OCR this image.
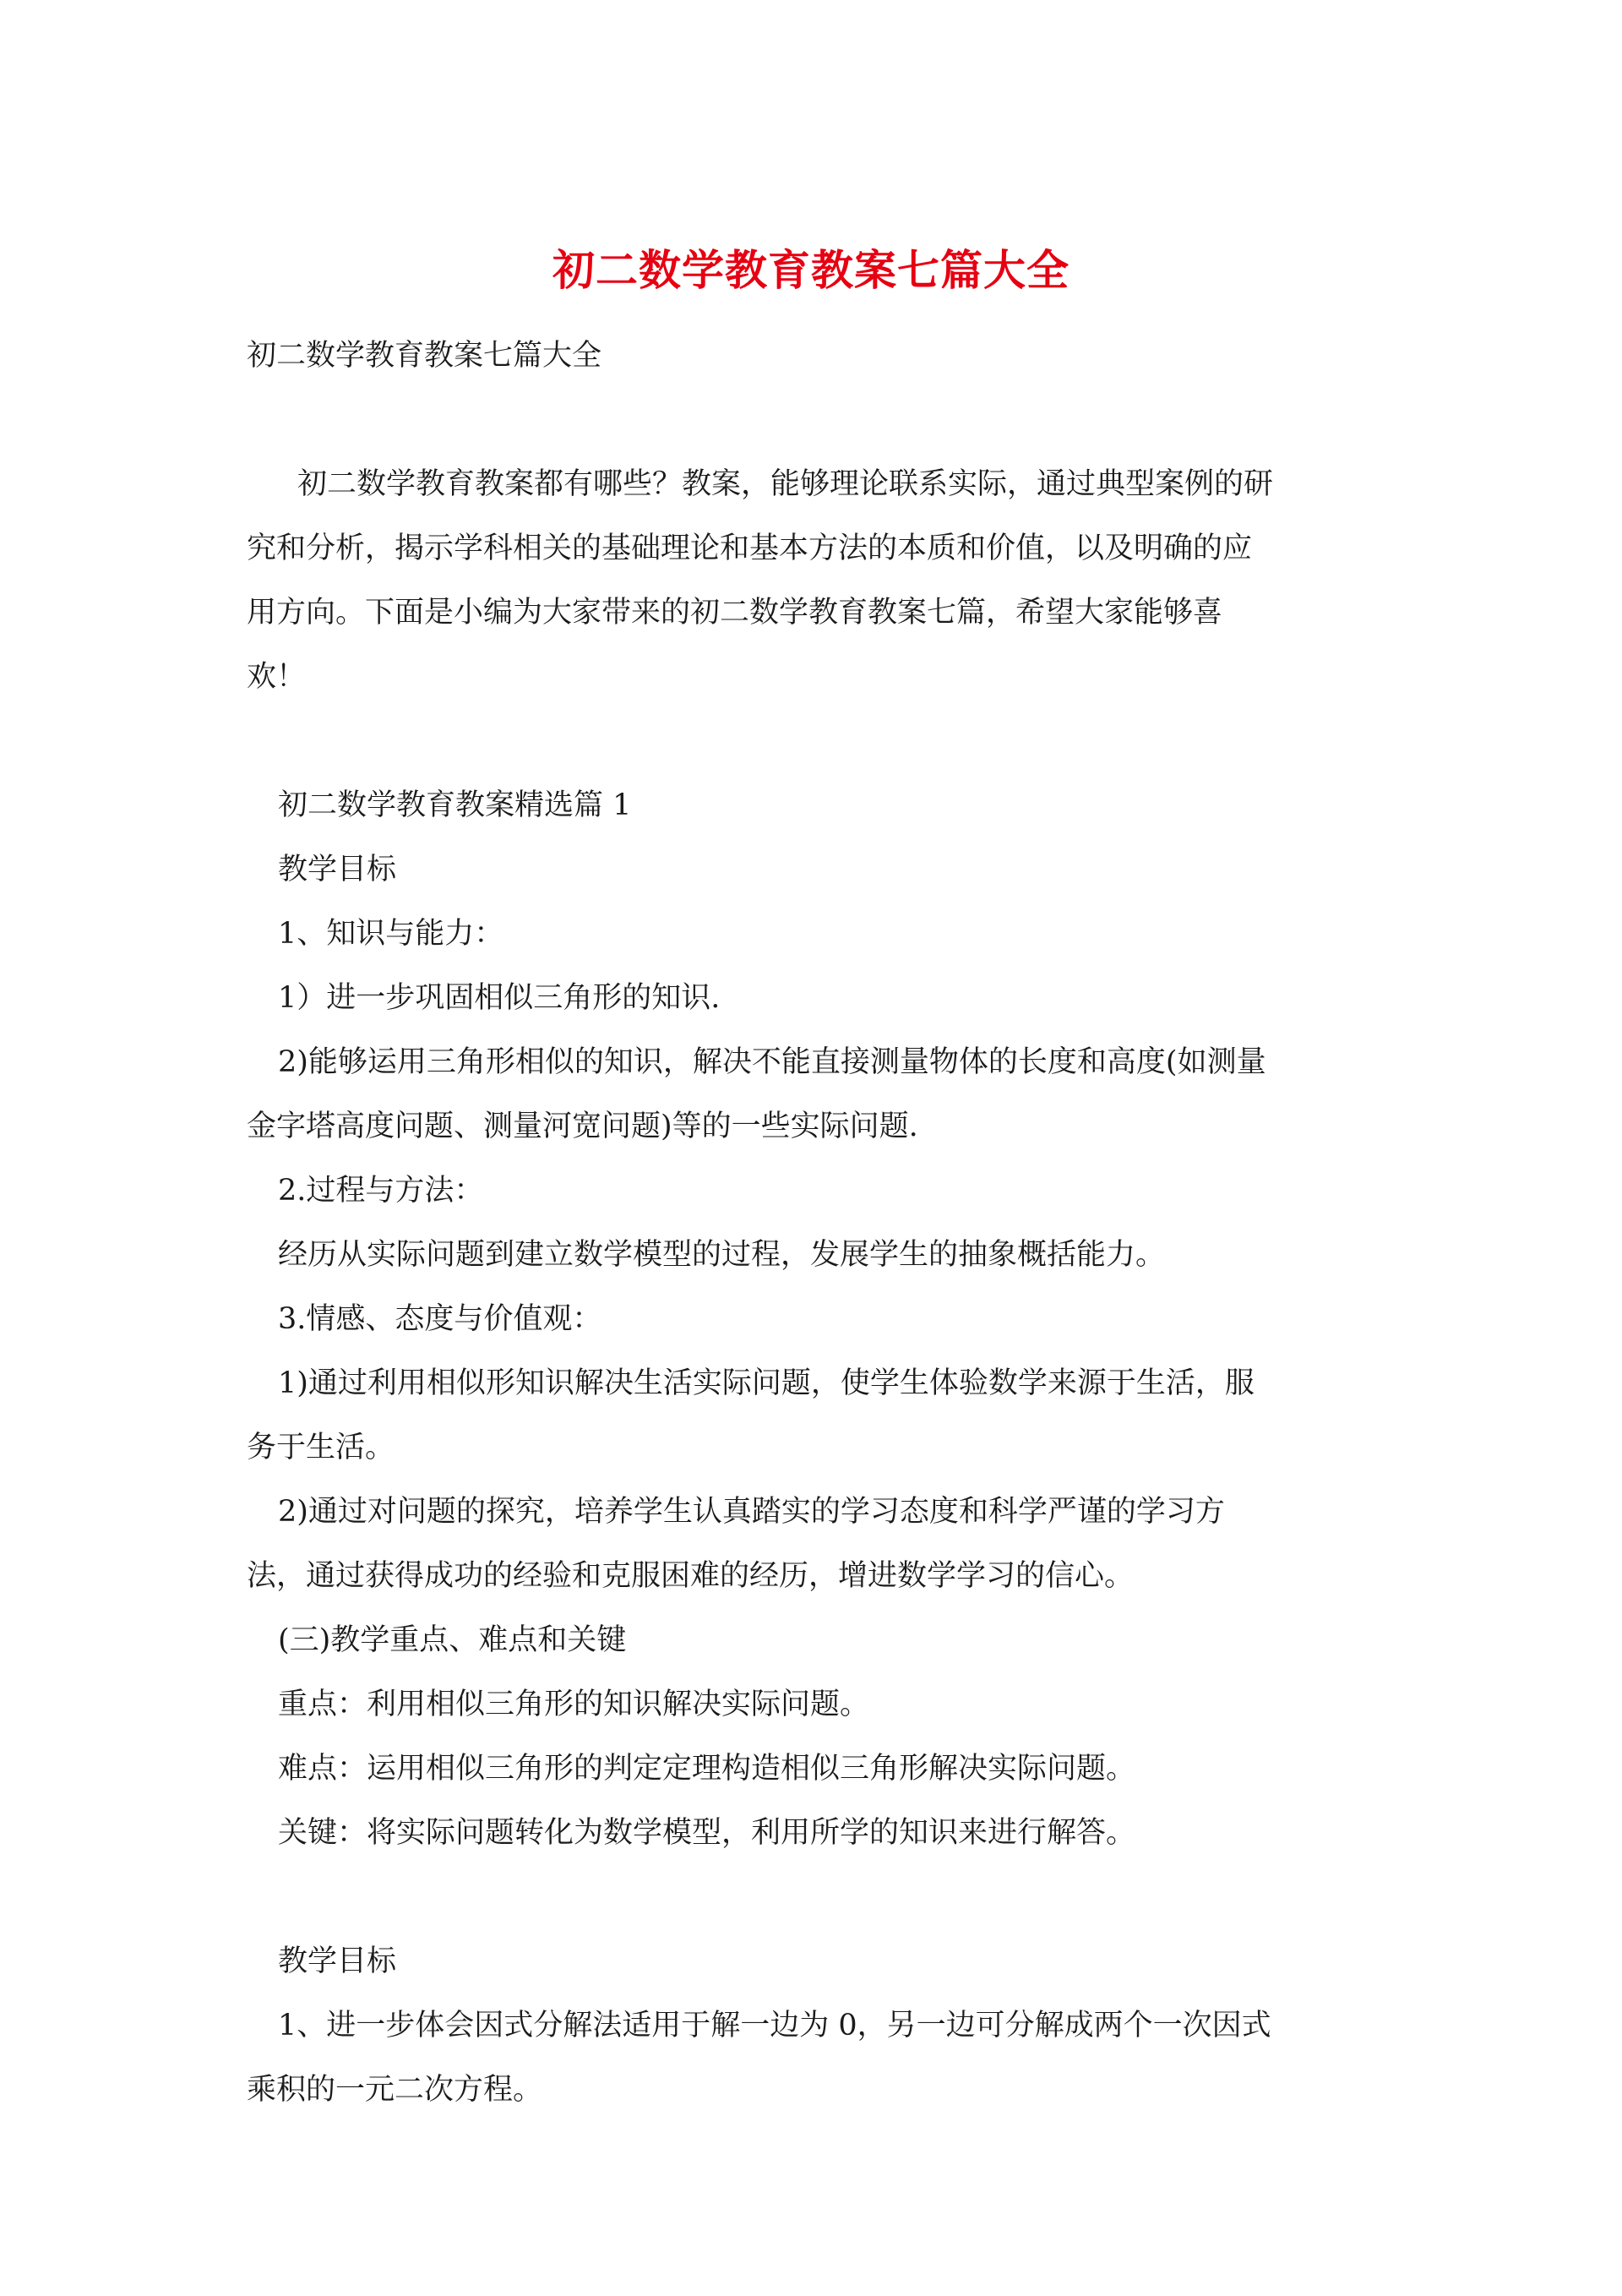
初二数学教育教案七篇大全

初二数学教育教案七篇大全

初二数学教育教案都有哪些？教案，能够理论联系实际，通过典型案例的研

究和分析，揭示学科相关的基础理论和基本方法的本质和价值，以及明确的应

用方向。下面是小编为大家带来的初二数学教育教案七篇，希望大家能够喜

欢！

初二数学教育教案精选篇 1

教学目标

1、知识与能力：

1）进一步巩固相似三角形的知识.

2)能够运用三角形相似的知识，解决不能直接测量物体的长度和高度(如测量

金字塔高度问题、测量河宽问题)等的一些实际问题.

2.过程与方法：

经历从实际问题到建立数学模型的过程，发展学生的抽象概括能力。

3.情感、态度与价值观：

1)通过利用相似形知识解决生活实际问题，使学生体验数学来源于生活，服

务于生活。

2)通过对问题的探究，培养学生认真踏实的学习态度和科学严谨的学习方

法，通过获得成功的经验和克服困难的经历，增进数学学习的信心。

(三)教学重点、难点和关键

重点：利用相似三角形的知识解决实际问题。

难点：运用相似三角形的判定定理构造相似三角形解决实际问题。

关键：将实际问题转化为数学模型，利用所学的知识来进行解答。

教学目标

1、进一步体会因式分解法适用于解一边为 0，另一边可分解成两个一次因式

乘积的一元二次方程。
